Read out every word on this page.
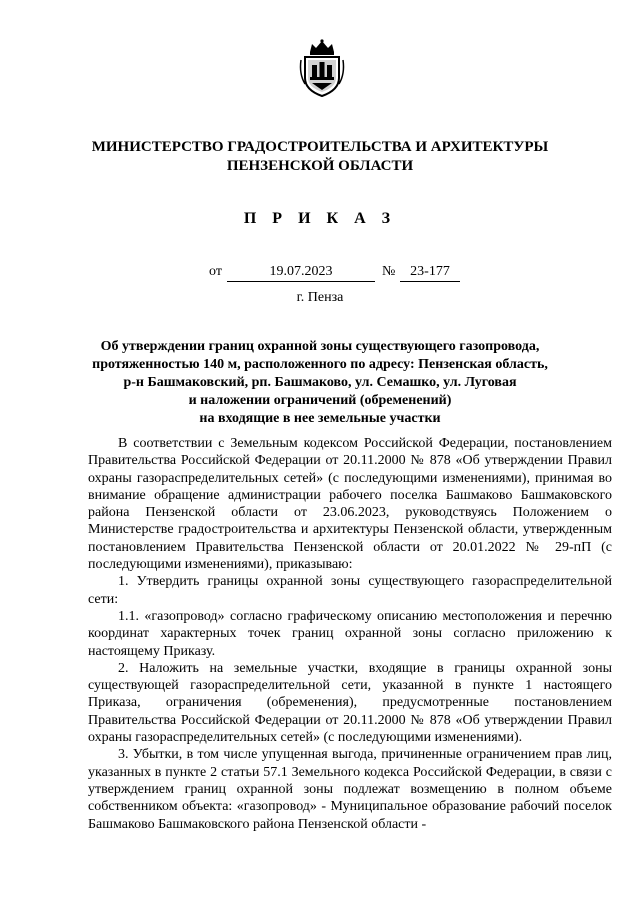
МИНИСТЕРСТВО ГРАДОСТРОИТЕЛЬСТВА И АРХИТЕКТУРЫ
ПЕНЗЕНСКОЙ ОБЛАСТИ
П Р И К А З
от	19.07.2023	№	23-177
г. Пенза
Об утверждении границ охранной зоны существующего газопровода,
протяженностью 140 м, расположенного по адресу: Пензенская область,
р-н Башмаковский, рп. Башмаково, ул. Семашко, ул. Луговая
и наложении ограничений (обременений)
на входящие в нее земельные участки

В соответствии с Земельным кодексом Российской Федерации, постановлением Правительства Российской Федерации от 20.11.2000 № 878 «Об утверждении Правил охраны газораспределительных сетей» (с последующими изменениями), принимая во внимание обращение администрации рабочего поселка Башмаково Башмаковского района Пензенской области от 23.06.2023, руководствуясь Положением о Министерстве градостроительства и архитектуры Пензенской области, утвержденным постановлением Правительства Пензенской области от 20.01.2022 № 29-пП (с последующими изменениями), приказываю:

1. Утвердить границы охранной зоны существующего газораспределительной сети:

1.1. «газопровод» согласно графическому описанию местоположения и перечню координат характерных точек границ охранной зоны согласно приложению к настоящему Приказу.

2. Наложить на земельные участки, входящие в границы охранной зоны существующей газораспределительной сети, указанной в пункте 1 настоящего Приказа, ограничения (обременения), предусмотренные постановлением Правительства Российской Федерации от 20.11.2000 № 878 «Об утверждении Правил охраны газораспределительных сетей» (с последующими изменениями).

3. Убытки, в том числе упущенная выгода, причиненные ограничением прав лиц, указанных в пункте 2 статьи 57.1 Земельного кодекса Российской Федерации, в связи с утверждением границ охранной зоны подлежат возмещению в полном объеме собственником объекта: «газопровод» - Муниципальное образование рабочий поселок Башмаково Башмаковского района Пензенской области -
